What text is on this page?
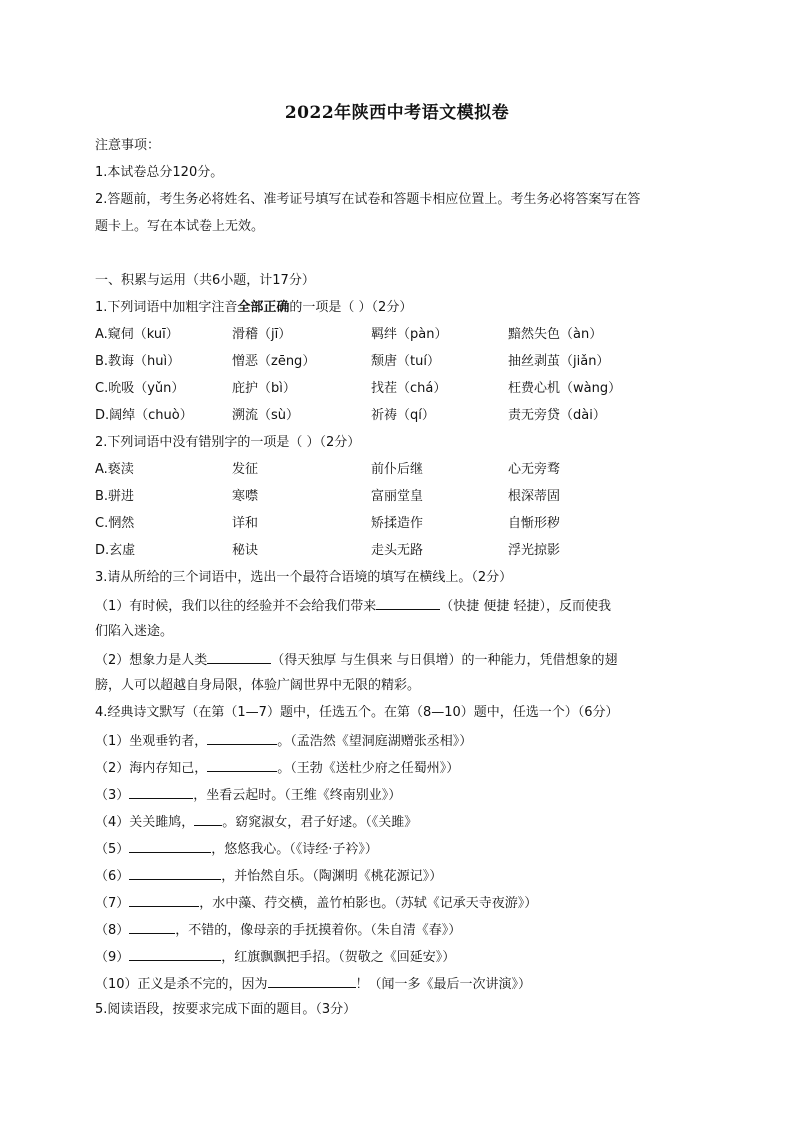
2022年陕西中考语文模拟卷
注意事项：
1.本试卷总分120分。
2.答题前，考生务必将姓名、准考证号填写在试卷和答题卡相应位置上。考生务必将答案写在答
题卡上。写在本试卷上无效。
一、积累与运用（共6小题，计17分）
1.下列词语中加粗字注音全部正确的一项是（ ）（2分）
A.窥伺（kuī）	滑稽（jī）	羁绊（pàn）	黯然失色（àn）
B.教诲（huì）	憎恶（zēng）	颓唐（tuí）	抽丝剥茧（jiǎn）
C.吮吸（yǔn）	庇护（bì）	找茬（chá）	枉费心机（wàng）
D.阔绰（chuò）	溯流（sù）	祈祷（qí）	责无旁贷（dài）
2.下列词语中没有错别字的一项是（ ）（2分）
A.亵渎	发征	前仆后继	心无旁骛
B.骈进	寒噤	富丽堂皇	根深蒂固
C.惘然	详和	矫揉造作	自惭形秽
D.玄虚	秘诀	走头无路	浮光掠影
3.请从所给的三个词语中，选出一个最符合语境的填写在横线上。（2分）
（1）有时候，我们以往的经验并不会给我们带来	（快捷 便捷 轻捷），反而使我
们陷入迷途。
（2）想象力是人类	（得天独厚 与生俱来 与日俱增）的一种能力，凭借想象的翅
膀，人可以超越自身局限，体验广阔世界中无限的精彩。
4.经典诗文默写（在第（1—7）题中，任选五个。在第（8—10）题中，任选一个）（6分）
（1）坐观垂钓者，	。（孟浩然《望洞庭湖赠张丞相》）
（2）海内存知己，	。（王勃《送杜少府之任蜀州》）
（3）	，坐看云起时。（王维《终南别业》）
（4）关关雎鸠， 。窈窕淑女，君子好逑。（《关雎》
（5）	，悠悠我心。（《诗经·子衿》）
（6）	，并怡然自乐。（陶渊明《桃花源记》）
（7）	，水中藻、荇交横，盖竹柏影也。（苏轼《记承天寺夜游》）
（8）	，不错的，像母亲的手抚摸着你。（朱自清《春》）
（9）	，红旗飘飘把手招。（贺敬之《回延安》）
（10）正义是杀不完的，因为	！（闻一多《最后一次讲演》）
5.阅读语段，按要求完成下面的题目。（3分）
